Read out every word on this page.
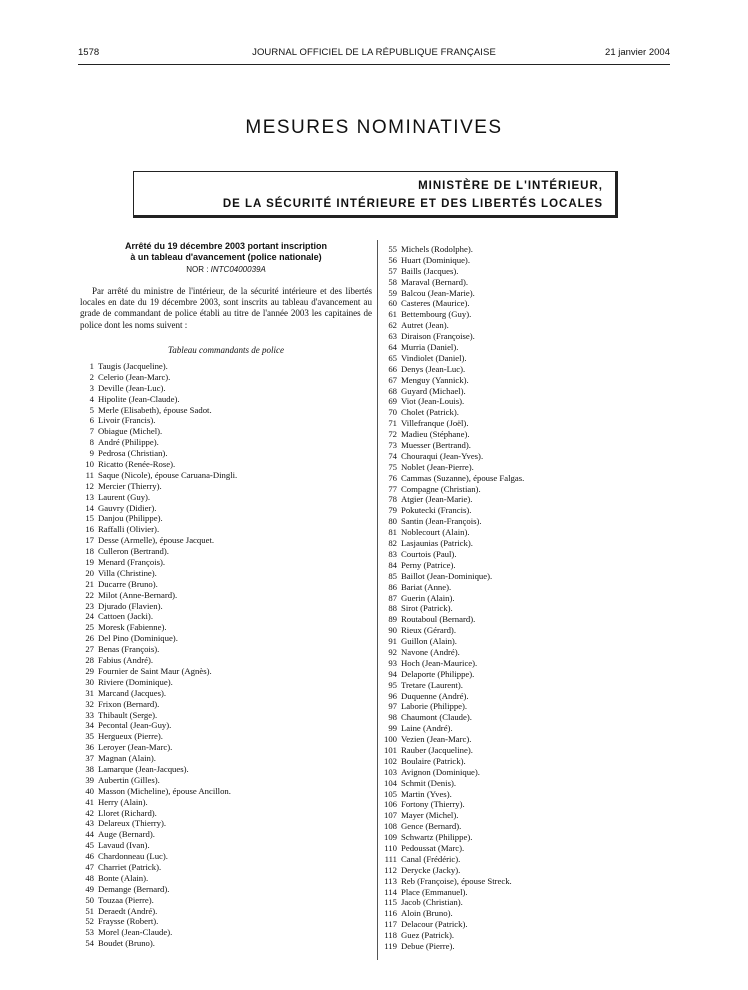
1578	JOURNAL OFFICIEL DE LA RÉPUBLIQUE FRANÇAISE	21 janvier 2004
MESURES NOMINATIVES
MINISTÈRE DE L'INTÉRIEUR,
DE LA SÉCURITÉ INTÉRIEURE ET DES LIBERTÉS LOCALES
Arrêté du 19 décembre 2003 portant inscription
à un tableau d'avancement (police nationale)
NOR : INTC0400039A
Par arrêté du ministre de l'intérieur, de la sécurité intérieure et des libertés locales en date du 19 décembre 2003, sont inscrits au tableau d'avancement au grade de commandant de police établi au titre de l'année 2003 les capitaines de police dont les noms suivent :
Tableau commandants de police
1 Taugis (Jacqueline).
2 Celerio (Jean-Marc).
3 Deville (Jean-Luc).
4 Hipolite (Jean-Claude).
5 Merle (Elisabeth), épouse Sadot.
6 Livoir (Francis).
7 Obiague (Michel).
8 André (Philippe).
9 Pedrosa (Christian).
10 Ricatto (Renée-Rose).
11 Saque (Nicole), épouse Caruana-Dingli.
12 Mercier (Thierry).
13 Laurent (Guy).
14 Gauvry (Didier).
15 Danjou (Philippe).
16 Raffalli (Olivier).
17 Desse (Armelle), épouse Jacquet.
18 Culleron (Bertrand).
19 Menard (François).
20 Villa (Christine).
21 Ducarre (Bruno).
22 Milot (Anne-Bernard).
23 Djurado (Flavien).
24 Cattoen (Jacki).
25 Moresk (Fabienne).
26 Del Pino (Dominique).
27 Benas (François).
28 Fabius (André).
29 Fournier de Saint Maur (Agnès).
30 Riviere (Dominique).
31 Marcand (Jacques).
32 Frixon (Bernard).
33 Thibault (Serge).
34 Pecontal (Jean-Guy).
35 Hergueux (Pierre).
36 Leroyer (Jean-Marc).
37 Magnan (Alain).
38 Lamarque (Jean-Jacques).
39 Aubertin (Gilles).
40 Masson (Micheline), épouse Ancillon.
41 Herry (Alain).
42 Lloret (Richard).
43 Delareux (Thierry).
44 Auge (Bernard).
45 Lavaud (Ivan).
46 Chardonneau (Luc).
47 Charriet (Patrick).
48 Bonte (Alain).
49 Demange (Bernard).
50 Touzaa (Pierre).
51 Deraedt (André).
52 Fraysse (Robert).
53 Morel (Jean-Claude).
54 Boudet (Bruno).
55 Michels (Rodolphe).
56 Huart (Dominique).
57 Baills (Jacques).
58 Maraval (Bernard).
59 Balcou (Jean-Marie).
60 Casteres (Maurice).
61 Bettembourg (Guy).
62 Autret (Jean).
63 Diraison (Françoise).
64 Murria (Daniel).
65 Vindiolet (Daniel).
66 Denys (Jean-Luc).
67 Menguy (Yannick).
68 Guyard (Michael).
69 Viot (Jean-Louis).
70 Cholet (Patrick).
71 Villefranque (Joël).
72 Madieu (Stéphane).
73 Muesser (Bertrand).
74 Chouraqui (Jean-Yves).
75 Noblet (Jean-Pierre).
76 Cammas (Suzanne), épouse Falgas.
77 Compagne (Christian).
78 Atgier (Jean-Marie).
79 Pokutecki (Francis).
80 Santin (Jean-François).
81 Noblecourt (Alain).
82 Lasjaunias (Patrick).
83 Courtois (Paul).
84 Perny (Patrice).
85 Baillot (Jean-Dominique).
86 Bariat (Anne).
87 Guerin (Alain).
88 Sirot (Patrick).
89 Routaboul (Bernard).
90 Rieux (Gérard).
91 Guillon (Alain).
92 Navone (André).
93 Hoch (Jean-Maurice).
94 Delaporte (Philippe).
95 Tretare (Laurent).
96 Duquenne (André).
97 Laborie (Philippe).
98 Chaumont (Claude).
99 Laine (André).
100 Vezien (Jean-Marc).
101 Rauber (Jacqueline).
102 Boulaire (Patrick).
103 Avignon (Dominique).
104 Schmit (Denis).
105 Martin (Yves).
106 Fortony (Thierry).
107 Mayer (Michel).
108 Gence (Bernard).
109 Schwartz (Philippe).
110 Pedoussat (Marc).
111 Canal (Frédéric).
112 Derycke (Jacky).
113 Reb (Françoise), épouse Streck.
114 Place (Emmanuel).
115 Jacob (Christian).
116 Aloin (Bruno).
117 Delacour (Patrick).
118 Guez (Patrick).
119 Debue (Pierre).
